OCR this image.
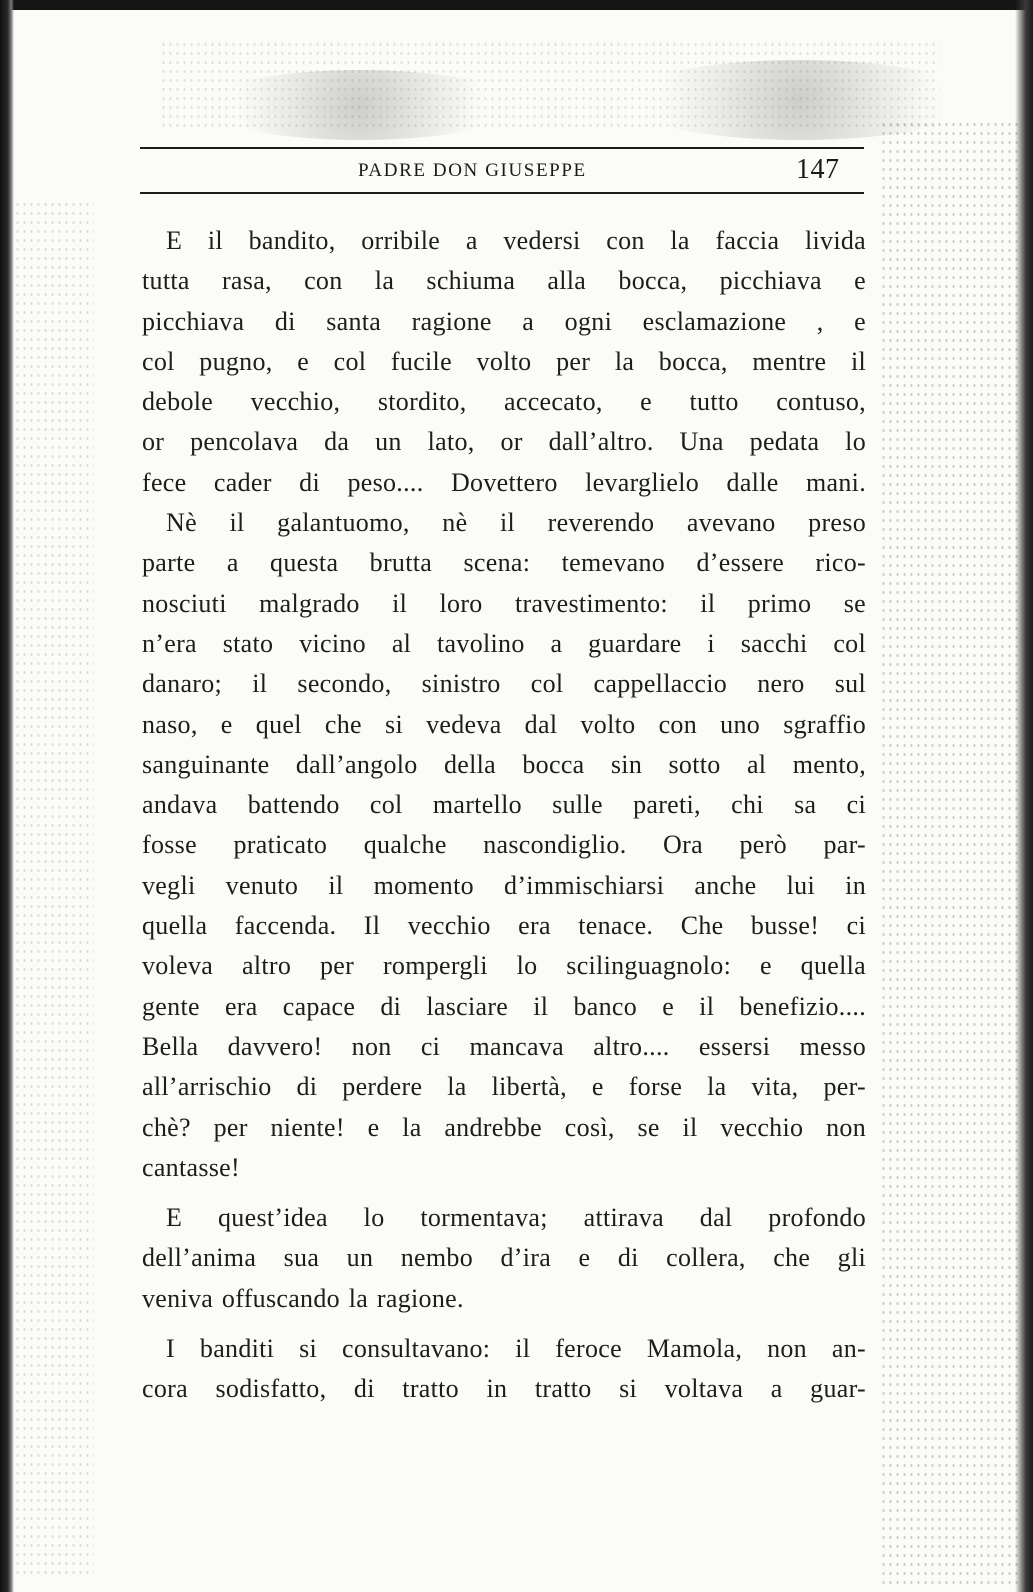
PADRE DON GIUSEPPE	147

E il bandito, orribile a vedersi con la faccia livida
tutta rasa, con la schiuma alla bocca, picchiava e
picchiava di santa ragione a ogni esclamazione , e
col pugno, e col fucile volto per la bocca, mentre il
debole vecchio, stordito, accecato, e tutto contuso,
or pencolava da un lato, or dall’altro. Una pedata lo
fece cader di peso.... Dovettero levarglielo dalle mani.

Nè il galantuomo, nè il reverendo avevano preso
parte a questa brutta scena: temevano d’essere rico-
nosciuti malgrado il loro travestimento: il primo se
n’era stato vicino al tavolino a guardare i sacchi col
danaro; il secondo, sinistro col cappellaccio nero sul
naso, e quel che si vedeva dal volto con uno sgraffio
sanguinante dall’angolo della bocca sin sotto al mento,
andava battendo col martello sulle pareti, chi sa ci
fosse praticato qualche nascondiglio. Ora però par-
vegli venuto il momento d’immischiarsi anche lui in
quella faccenda. Il vecchio era tenace. Che busse! ci
voleva altro per rompergli lo scilinguagnolo: e quella
gente era capace di lasciare il banco e il benefizio....
Bella davvero! non ci mancava altro.... essersi messo
all’arrischio di perdere la libertà, e forse la vita, per-
chè? per niente! e la andrebbe così, se il vecchio non
cantasse!

E quest’idea lo tormentava; attirava dal profondo
dell’anima sua un nembo d’ira e di collera, che gli
veniva offuscando la ragione.

I banditi si consultavano: il feroce Mamola, non an-
cora sodisfatto, di tratto in tratto si voltava a guar-
